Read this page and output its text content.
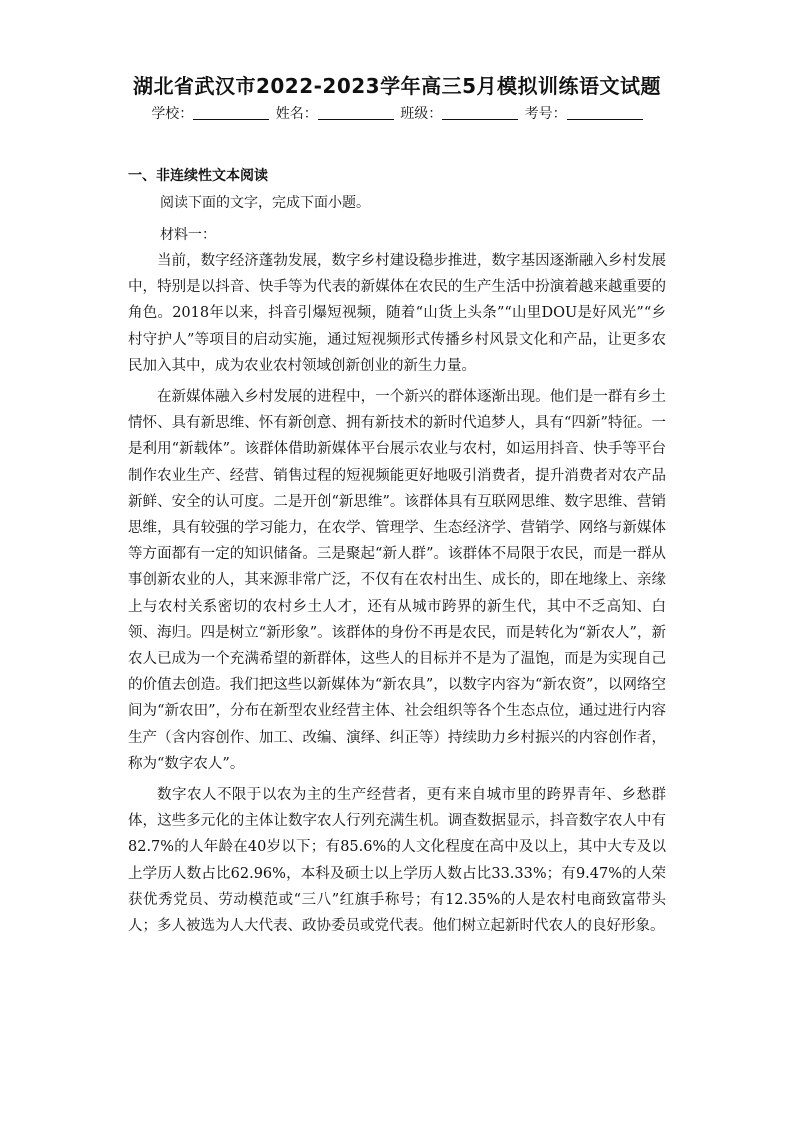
湖北省武汉市2022-2023学年高三5月模拟训练语文试题
学校：	姓名：	班级：	考号：
一、非连续性文本阅读
阅读下面的文字，完成下面小题。
材料一：

当前，数字经济蓬勃发展，数字乡村建设稳步推进，数字基因逐渐融入乡村发展中，特别是以抖音、快手等为代表的新媒体在农民的生产生活中扮演着越来越重要的角色。2018年以来，抖音引爆短视频，随着“山货上头条”“山里DOU是好风光”“乡村守护人”等项目的启动实施，通过短视频形式传播乡村风景文化和产品，让更多农民加入其中，成为农业农村领域创新创业的新生力量。

在新媒体融入乡村发展的进程中，一个新兴的群体逐渐出现。他们是一群有乡土情怀、具有新思维、怀有新创意、拥有新技术的新时代追梦人，具有“四新”特征。一是利用“新载体”。该群体借助新媒体平台展示农业与农村，如运用抖音、快手等平台制作农业生产、经营、销售过程的短视频能更好地吸引消费者，提升消费者对农产品新鲜、安全的认可度。二是开创“新思维”。该群体具有互联网思维、数字思维、营销思维，具有较强的学习能力，在农学、管理学、生态经济学、营销学、网络与新媒体等方面都有一定的知识储备。三是聚起“新人群”。该群体不局限于农民，而是一群从事创新农业的人，其来源非常广泛，不仅有在农村出生、成长的，即在地缘上、亲缘上与农村关系密切的农村乡土人才，还有从城市跨界的新生代，其中不乏高知、白领、海归。四是树立“新形象”。该群体的身份不再是农民，而是转化为“新农人”，新农人已成为一个充满希望的新群体，这些人的目标并不是为了温饱，而是为实现自己的价值去创造。我们把这些以新媒体为“新农具”，以数字内容为“新农资”，以网络空间为“新农田”，分布在新型农业经营主体、社会组织等各个生态点位，通过进行内容生产（含内容创作、加工、改编、演绎、纠正等）持续助力乡村振兴的内容创作者，称为“数字农人”。

数字农人不限于以农为主的生产经营者，更有来自城市里的跨界青年、乡愁群体，这些多元化的主体让数字农人行列充满生机。调查数据显示，抖音数字农人中有82.7%的人年龄在40岁以下；有85.6%的人文化程度在高中及以上，其中大专及以上学历人数占比62.96%，本科及硕士以上学历人数占比33.33%；有9.47%的人荣获优秀党员、劳动模范或“三八”红旗手称号；有12.35%的人是农村电商致富带头人；多人被选为人大代表、政协委员或党代表。他们树立起新时代农人的良好形象。
